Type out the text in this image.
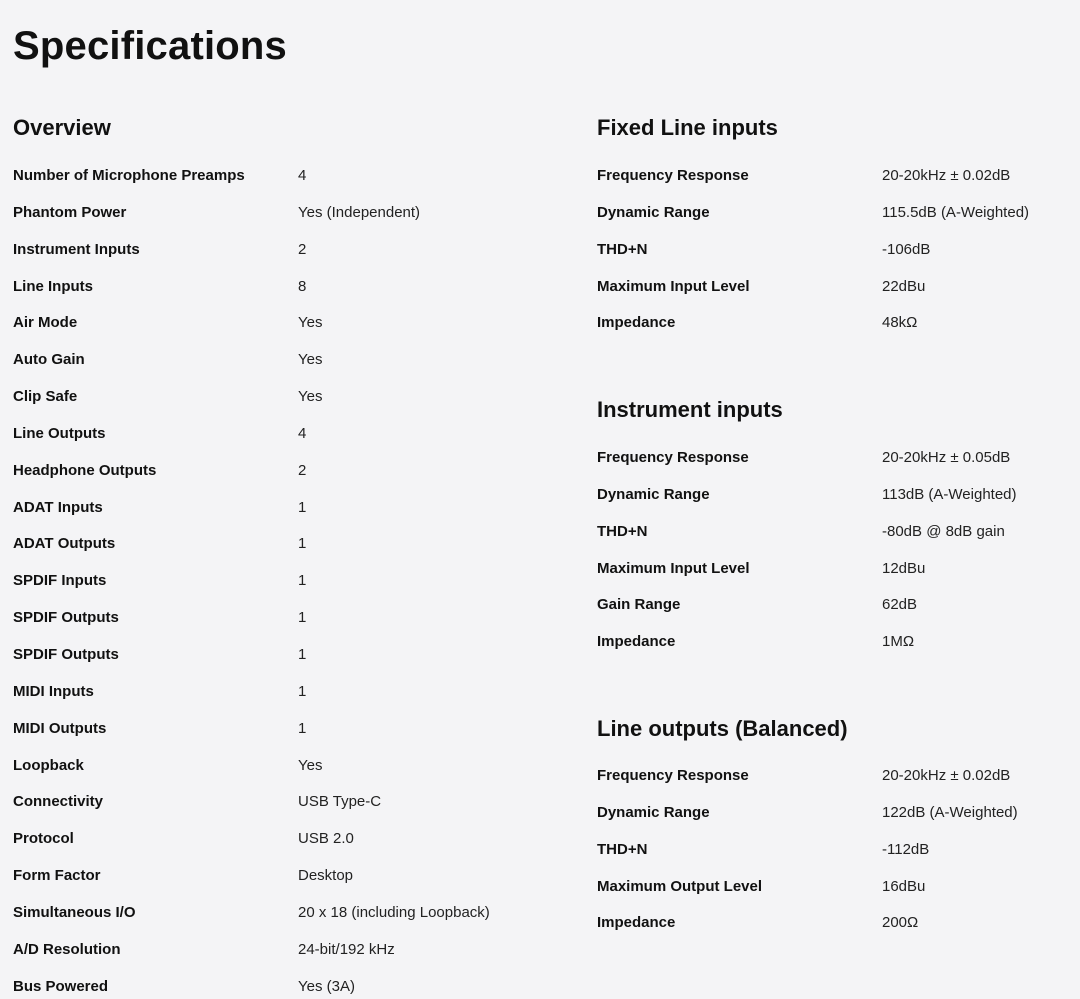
Specifications
Overview
Number of Microphone Preamps	4
Phantom Power	Yes (Independent)
Instrument Inputs	2
Line Inputs	8
Air Mode	Yes
Auto Gain	Yes
Clip Safe	Yes
Line Outputs	4
Headphone Outputs	2
ADAT Inputs	1
ADAT Outputs	1
SPDIF Inputs	1
SPDIF Outputs	1
SPDIF Outputs	1
MIDI Inputs	1
MIDI Outputs	1
Loopback	Yes
Connectivity	USB Type-C
Protocol	USB 2.0
Form Factor	Desktop
Simultaneous I/O	20 x 18 (including Loopback)
A/D Resolution	24-bit/192 kHz
Bus Powered	Yes (3A)
Fixed Line inputs
Frequency Response	20-20kHz ± 0.02dB
Dynamic Range	115.5dB (A-Weighted)
THD+N	-106dB
Maximum Input Level	22dBu
Impedance	48kΩ
Instrument inputs
Frequency Response	20-20kHz ± 0.05dB
Dynamic Range	113dB (A-Weighted)
THD+N	-80dB @ 8dB gain
Maximum Input Level	12dBu
Gain Range	62dB
Impedance	1MΩ
Line outputs (Balanced)
Frequency Response	20-20kHz ± 0.02dB
Dynamic Range	122dB (A-Weighted)
THD+N	-112dB
Maximum Output Level	16dBu
Impedance	200Ω
